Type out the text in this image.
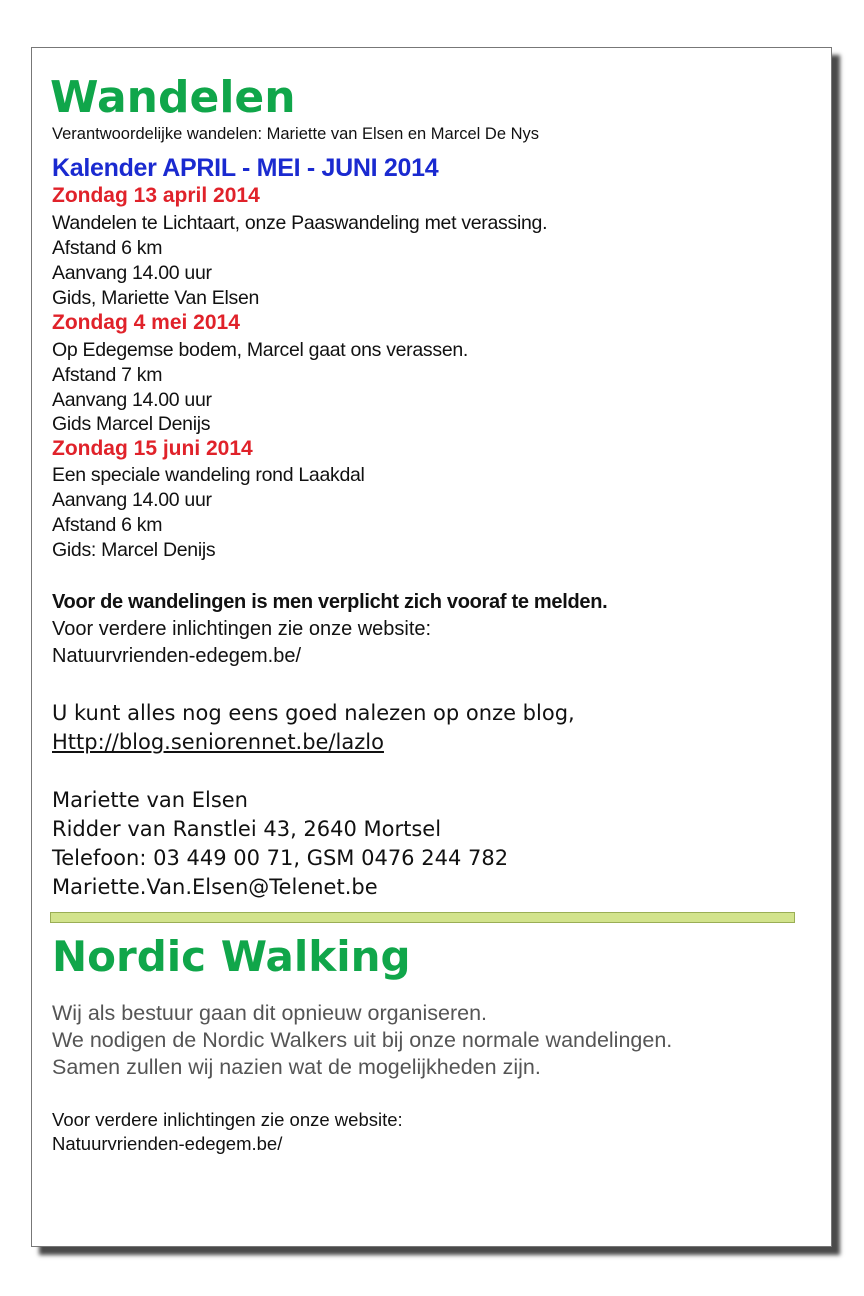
Wandelen
Verantwoordelijke wandelen: Mariette van Elsen en Marcel De Nys
Kalender APRIL - MEI - JUNI 2014
Zondag 13 april 2014
Wandelen te Lichtaart, onze Paaswandeling met verassing.
Afstand 6 km
Aanvang 14.00 uur
Gids, Mariette Van Elsen
Zondag 4 mei 2014
Op Edegemse bodem, Marcel gaat ons verassen.
Afstand 7 km
Aanvang 14.00 uur
Gids Marcel Denijs
Zondag 15 juni 2014
Een speciale wandeling rond Laakdal
Aanvang 14.00 uur
Afstand 6 km
Gids: Marcel Denijs
Voor de wandelingen is men verplicht zich vooraf te melden.
Voor verdere inlichtingen zie onze website:
Natuurvrienden-edegem.be/
U kunt alles nog eens goed nalezen op onze blog,
Http://blog.seniorennet.be/lazlo
Mariette van Elsen
Ridder van Ranstlei 43, 2640 Mortsel
Telefoon: 03 449 00 71, GSM 0476 244 782
Mariette.Van.Elsen@Telenet.be
Nordic Walking
Wij als bestuur gaan dit opnieuw organiseren.
We nodigen de Nordic Walkers uit bij onze normale wandelingen.
Samen zullen wij nazien wat de mogelijkheden zijn.
Voor verdere inlichtingen zie onze website:
Natuurvrienden-edegem.be/
